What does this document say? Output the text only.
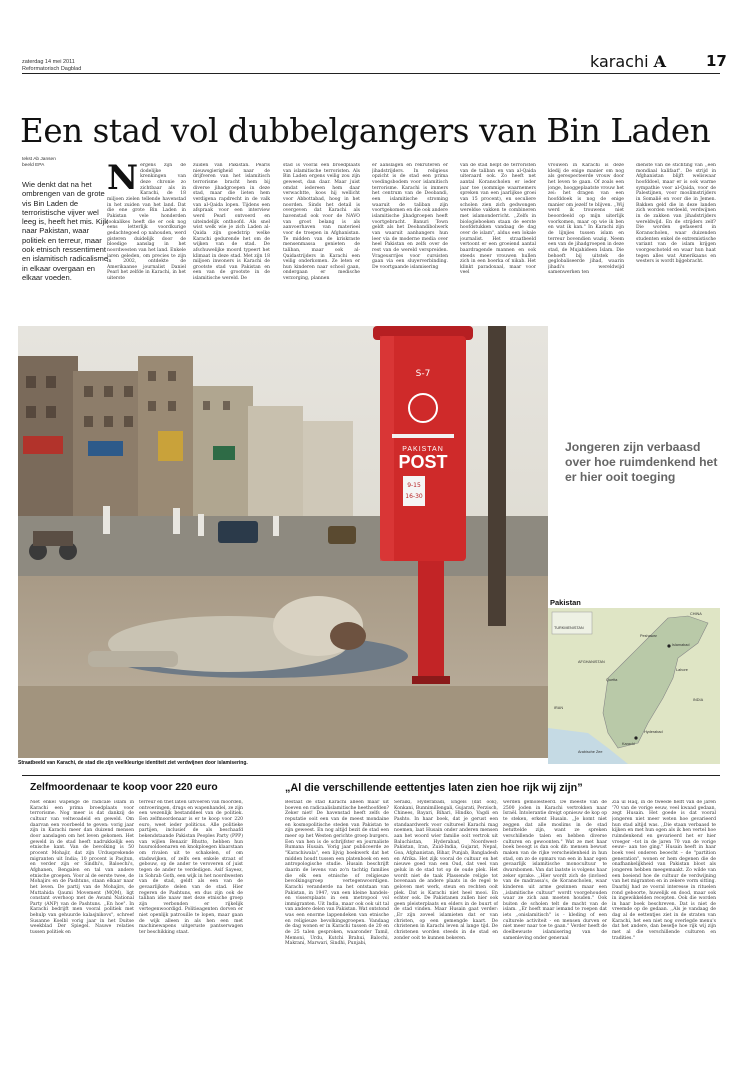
zaterdag 14 mei 2011
Reformatorisch Dagblad	karachi A	17
Een stad vol dubbelgangers van Bin Laden
tekst Ab Jansen
beeld EPA
Wie denkt dat na het ombrengen van de grote vis Bin Laden de terroristische vijver wel leeg is, heeft het mis. Kijk naar Pakistan, waar politiek en terreur, maar ook etnisch ressentiment en islamitisch radicalisme in elkaar overgaan en elkaar voeden.
Nergens zijn de dodelijke krenkingen van deze chronie zo zichtbaar als in Karachi, de 18 miljoen zielen tellende havenstad in het zuiden van het land. Dat die ene grote Bin Laden in Pakistan vele honderden lookalikes heeft die er ook nog eens letterlijk voordkurige gedachtegoed op nahouden, werd gisteren duidelijk door de bloedige aanslag in het noordwesten van het land. Enkele jaren geleden, om precies te zijn in 2002, ontdekte de Amerikaanse journalist Daniel Pearl het zelfde in Karachi, in het uiterste
zuiden van Pakistan. Pearls nieuwsgierigheid naar de drijfveren van het islamitisch terrorisme bracht hem bij diverse jihadgroepen in deze stad, maar die lieten hem verdigena rapdrecht in de valk van al-Qaida lopen. Tijdens een afspraak voor een interview werd Pearl ontvoerd en uiteindelijk onthoofd. Als snel wist welk wie je zich Laden al-Qaida zijn goedstrip welke Karachi gedurende het om de wijken van de stad. De afschuwelijke moord typeert het klimaat in deze stad. Met zijn 18 miljoen inwoners is Karachi de grootste stad van Pakistan en een van de grootste in de islamitische wereld. De
stad is vooral een broedplaats van islamitische terroristen. Als Bin Laden ergens veilig zou zijn geweest, dan daar. Maar juist omdat iedereen hem daar verwachtte, koos hij wellicht voor Abbottabad, hoog in het noorden. Sinds het detail is overgeven dat Karachi als havenstad ook voor de NAVO van groot belang is als aanvoerhaven van materieel voor de troepen in Afghanistan. Te midden van de kriskraste mensenmassa genieten de taliban, maar ook al-Qaidastrijders in Karachi een veilig onderkomen. Ze leten er hun kinderen naar school gaan, ondergaan er medische verzorging, plannen
er aanslagen en rekruteren er jihadstrijders. In religieus opzicht is de stad een prima voedingsbodem voor islamitisch terrorisme. Karachi is immers het centrum van de Deobandi, een islamitische stroming waaruit de taliban zijn voortgekomen en die ook andere islamitische jihadgroepen heeft voortgebracht. Banuri Town geldt als het Deobandibolwerk van waaruit aanhangers hun leer via de moderne media over heel Pakistan en zelfs over de rest van de wereld verspreiden. Vrageusrrijes voor cursisten gaan via een sluyerverbinding. De voortgaande islamisering
van de stad helpt de terroristen van de taliban en van al-Qaida uiteraard ook. Zo heeft net aantal Koranscholen er ieder jaar toe (sommige waarnemers spreken van een jaarlijkse groei van 15 procent), en seculiere scholen zien zich gedwongen wereldse vakken te combineren met islamonderricht. ,,Zelfs in biologieboeken staan de eerste hoofdstukken vandaag de dag over de islam", aldus een lokale journalist. Het straatbeeld vertoont er een groeiend aantal baardragende mannen en ook steeds meer vrouwen hullen zich in een boerka of nikab. Het klinkt paradoxaal, maar voor veel
vrouwen in Karachi is deze kledij de enige manier om nog als gerespecteerde vrouw door het leven te gaan. Of zoals een jonge, hooggeplaatste vrouw het zei: het dragen van een hoofddoek is nog de enige manier om jezelf te blijven. ,,Wij werd ik trouwens niet beoordeeld op mijn uiterlijk voorkomen, maar op wie ik ben en wat ik kan." In Karachi zijn de lijnjies tussen islam en terreur bovendien wazig. Neem een van de jihadgroepen in deze stad, de Mujahideen Islam. Die behoeft bij uitstek de geglobaliseerde jihad, waarin jihadi's wereldwijd samenwerken ten
dienste van de stichting van ,,een mondiaal kalifaat". De strijd in Afghanistan blijft weliswaar hoofddoel, maar er is ook warme sympathie voor al-Qaida, voor de Palestijnen, voor moslimstrijders in Somalië en voor die in Jemen. Bakken geld die in deze landen zich worden verdeeld, verdwijnen in de zakken van jihadstrijders wereldwijd. En de strijders zelf? Die worden gefaseerd in Koranscholen, waar duizenden studenten enkel de extremistische variant van de islam krijgen voorgeschoteld en waar hun haat tegen alles wat Amerikaans en westers is wordt bijgebracht.
S-7
PAKISTAN
POST
9-15
16-30
Straatbeeld van Karachi, de stad die zijn veelkleurige identiteit ziet verdwijnen door islamisering.
Jongeren zijn verbaasd over hoe ruimdenkend het er hier ooit toeging
TURKMENISTAN
CHINA
AFGHANISTAN
Islamabad
Peshawar
Quetta
INDIA
IRAN
Karachi
Arabische Zee
Hyderabad
Lahore
Pakistan
Zelfmoordenaar te koop voor 220 euro
Niet enkel wapenge de radicale islam in Karachi een prima broedplaats voor terrorisme. Nog meer is dat dankzij de cultuur van veltwoadeid en geweld. Om daarvan een voorbeeld te geven: vorig jaar zijn in Karachi meer dan duizend mensen door aanslagen om het leven gekomen. Het geweld in de stad heeft nadrukkelijk een etnische kant. Van de bevolking is 50 procent Mohajir, dat zijn Urdusprekende migranten uit India; 10 procent is Pasjtun, en verder zijn er Sindhi's, Baloechi's, Afghanen, Bengalen en tal van andere etnische groepen. Voor al de eerste twee, de Mohajirs en de Pashtuns, staan elkaar naar het leven. De partij van de Mohajirs, de Muttahida Qaumi Movement (MQM), ligt constant overhoop met de Awami National Party (ANP) van de Pashtuns. ,,En hoe". In Karachi bedrijft men vooral politiek met behulp van gehuurde kalasjnikovs", schreef Susanne Koelbl vorig jaar in het Duitse weekblad Der Spiegel. Nauwe relaties tussen politiek en
terreur en thet laten uitvoeren van moorden, ontvoeringen, drugs en wapenhandel, ze zijn een wezenlijk bestanddeel van de politiek. Een zelfmoordenaar is er te koop voor 220 euro, weet ieder politicus. Alle politieke partijen, inclusief de als beschaafd bekendstaande Pakistan Peoples Party (PPP) van wijlen Benazir Bhutto, hebben hun huursoldoenaren en knokploegen klaarstaan om rivalen uit te schakelen, of om stadswijken, of zelfs een enkele straat of gebouw, op de ander te veroveren of juist tegen de ander te verdedigen. Asif Sayeez, in Sohrab Goth, een wijk in het noordwesten van de stad, geldt als een van de gevaarlijkste delen van de stad. Hier regeren de Pashtuns, en dus zijn ook de taliban idie naaw met deze etnische groep zijn verbonden er rijkelijk vertegenwoordigd. Politieagenten dorven er niet openlijk patrouille te lopen, maar gaan de wijk alleen in als hen een met machinewapens uitgeruste pantserwagen ter beschikking staat.
„Al die verschillende eettentjes laten zien hoe rijk wij zijn”
Bestaat de stad Karachi alleen maar uit boeven en radicaalislamitische heethoofden? Zeker niet! De havenstad heeft zelfs de reputatie ooit een van de meest mondaine en kosmopolitische steden van Pakistan te zijn geweest. En nog altijd bezit de stad een meer op het Westen gerichte groep burgers. Een van hen is de schrijfster en journaliste Rumana Husain. Vorig jaar publiceerde ze "Karachiwala", een lijvig boekwerk dat het midden houdt tussen een platenboek en een antropologische studie. Husain beschrijft daarin de levens van zo'n tachtig families die elk een etnische of religieuze bevolkingsgroep vertegenwoordigen. Karachi veranderde na het ontstaan van Pakistan, in 1947, van een kleine handels- en vissersplaats in een metropool vol immigranten. Uit India, maar ook ook uit tal van andere delen van Pakistan. Wat ontstond was een enorme lappendeken van etnische en religieuze bevolkingsgroepen. Vandaag de dag wonen er in Karachi tussen de 20 en de 25 talen gesproken, waaronder Tamil, Memoni, Urdu, Kutchi Brahui, Balochi, Makrani, Marwari, Sindhi, Punjabi,
Seraiki, Hyderabadi, Engels (dat ook), Konkani, Bunnimillengali, Gujarati, Perzisch, Chinees, Bayari, Bihari, Hindko, Vagdi en Pashto. In haar boek, dat je gerust een standaardwerk voor cultureel Karachi mag noemen, laat Husain onder anderen mensen aan het woord wier familie ooit vertrok uit Baluchistan, Hyderabad, Noordwest-Pakistan, Iran, Zuid-India, Gujarat, Nepal, Goa, Afghanistan, Bihar, Punjab, Bangladesh en Afrika. Het zijk vooral de cultuur en het nieuwe goed van een Oud, dat veel van geluk in de stad tot op de oude plek. Het wordt niet de taak Plassende religie tot bovenaan de andere plaats in de regel te geloven met werk, steun en rechten ooit plek. Dat is Karachi niet heel mooi. En echter ook. De Pakistanen zullen hier ook geen pleisterplaats en elders in de buurt of de stad vinden. Maar Husain gaat verder: ,,Er zijn zoveel islamieten dat er van christen, op een gemengde kaart. De christenen in Karachi leven al lange tijd. De christenen worden steeds in de stad en zonder ooit te kunnen bekeren.
werden gemolesteerd. De meeste van de 2500 joden in Karachi vertrokken naar Israël. Intolerantie dreigt opnieuw de kop op te steken, erkent Husain. ,,Je komt niet zeggen dat alle moslims in de stad betuttelde zijn, want ze spreken verschillende talen en hebben diverse culturen en gewoonten." Wat ze met haar boek beoogt is dan ook dit: mensen bewust maken van de rijke verscheidenheid in hun stad, om zo de opmars van een in haar ogen gevaarlijk islamitische monocultuur te dwarsbomen. Van dat laatste is volgens haar zeker sprake. ,,Hier wordt zich de (invloed van de madrassa's, de Koranscholen, waar kinderen uit arme gezinnen maar een ,,islamitische cultuur" wordt voorgehouden waar ze zich aan moeten houden." Ook buiten de scholen telt de macht van de islam. ,,Er hoeft maar iemand te roepen dat iets ,,onislamitisch" is - kleding of een culturele activiteit - en mensen durven er niet meer naar toe te gaan." Verder heeft de doelbewuste islamisering van de samenleving onder generaal
Zia ul Haq, in de tweede helft van de jaren '70 van de vorige eeuw, veel kwaad gedaan, zegt Husain. Het goede is dat vooral jongeren niet meer weten hoe gevarieerd hun stad altijd was. ,,Die staan verbaasd te kijken en met hun ogen als ik hen vertel hoe ruimdenkend en gevarieerd het er hier vroeger –tot in de jaren 70 van de vorige eeuw– aan toe ging." Husain heeft in haar boek veel onderen beoecht – de "partition generation", wonen er hem degenen die de onafhankelijkheid van Pakistan bloot als jongeren hebben meegemaakt. Zo wilde van een boeiend hoe de cultuur de verdwijning van het migranten en in zekere vorm sitting. Daarbij had ze vooral interesse in rituelen rond geboorte, huwelijk en dood, maar ook in ingewikkelden recepten. Ook die worden in haar boek beschreven. Dat is niet de vreemde op de gedaan. ,,Als je vandaag de dag al de eettentjes ziet in de straten van Karachi, het een niet nog overlegde menu's dat het andere, dan besefje hoe rijk wij zijn met al die verschillende culturen en tradities."
